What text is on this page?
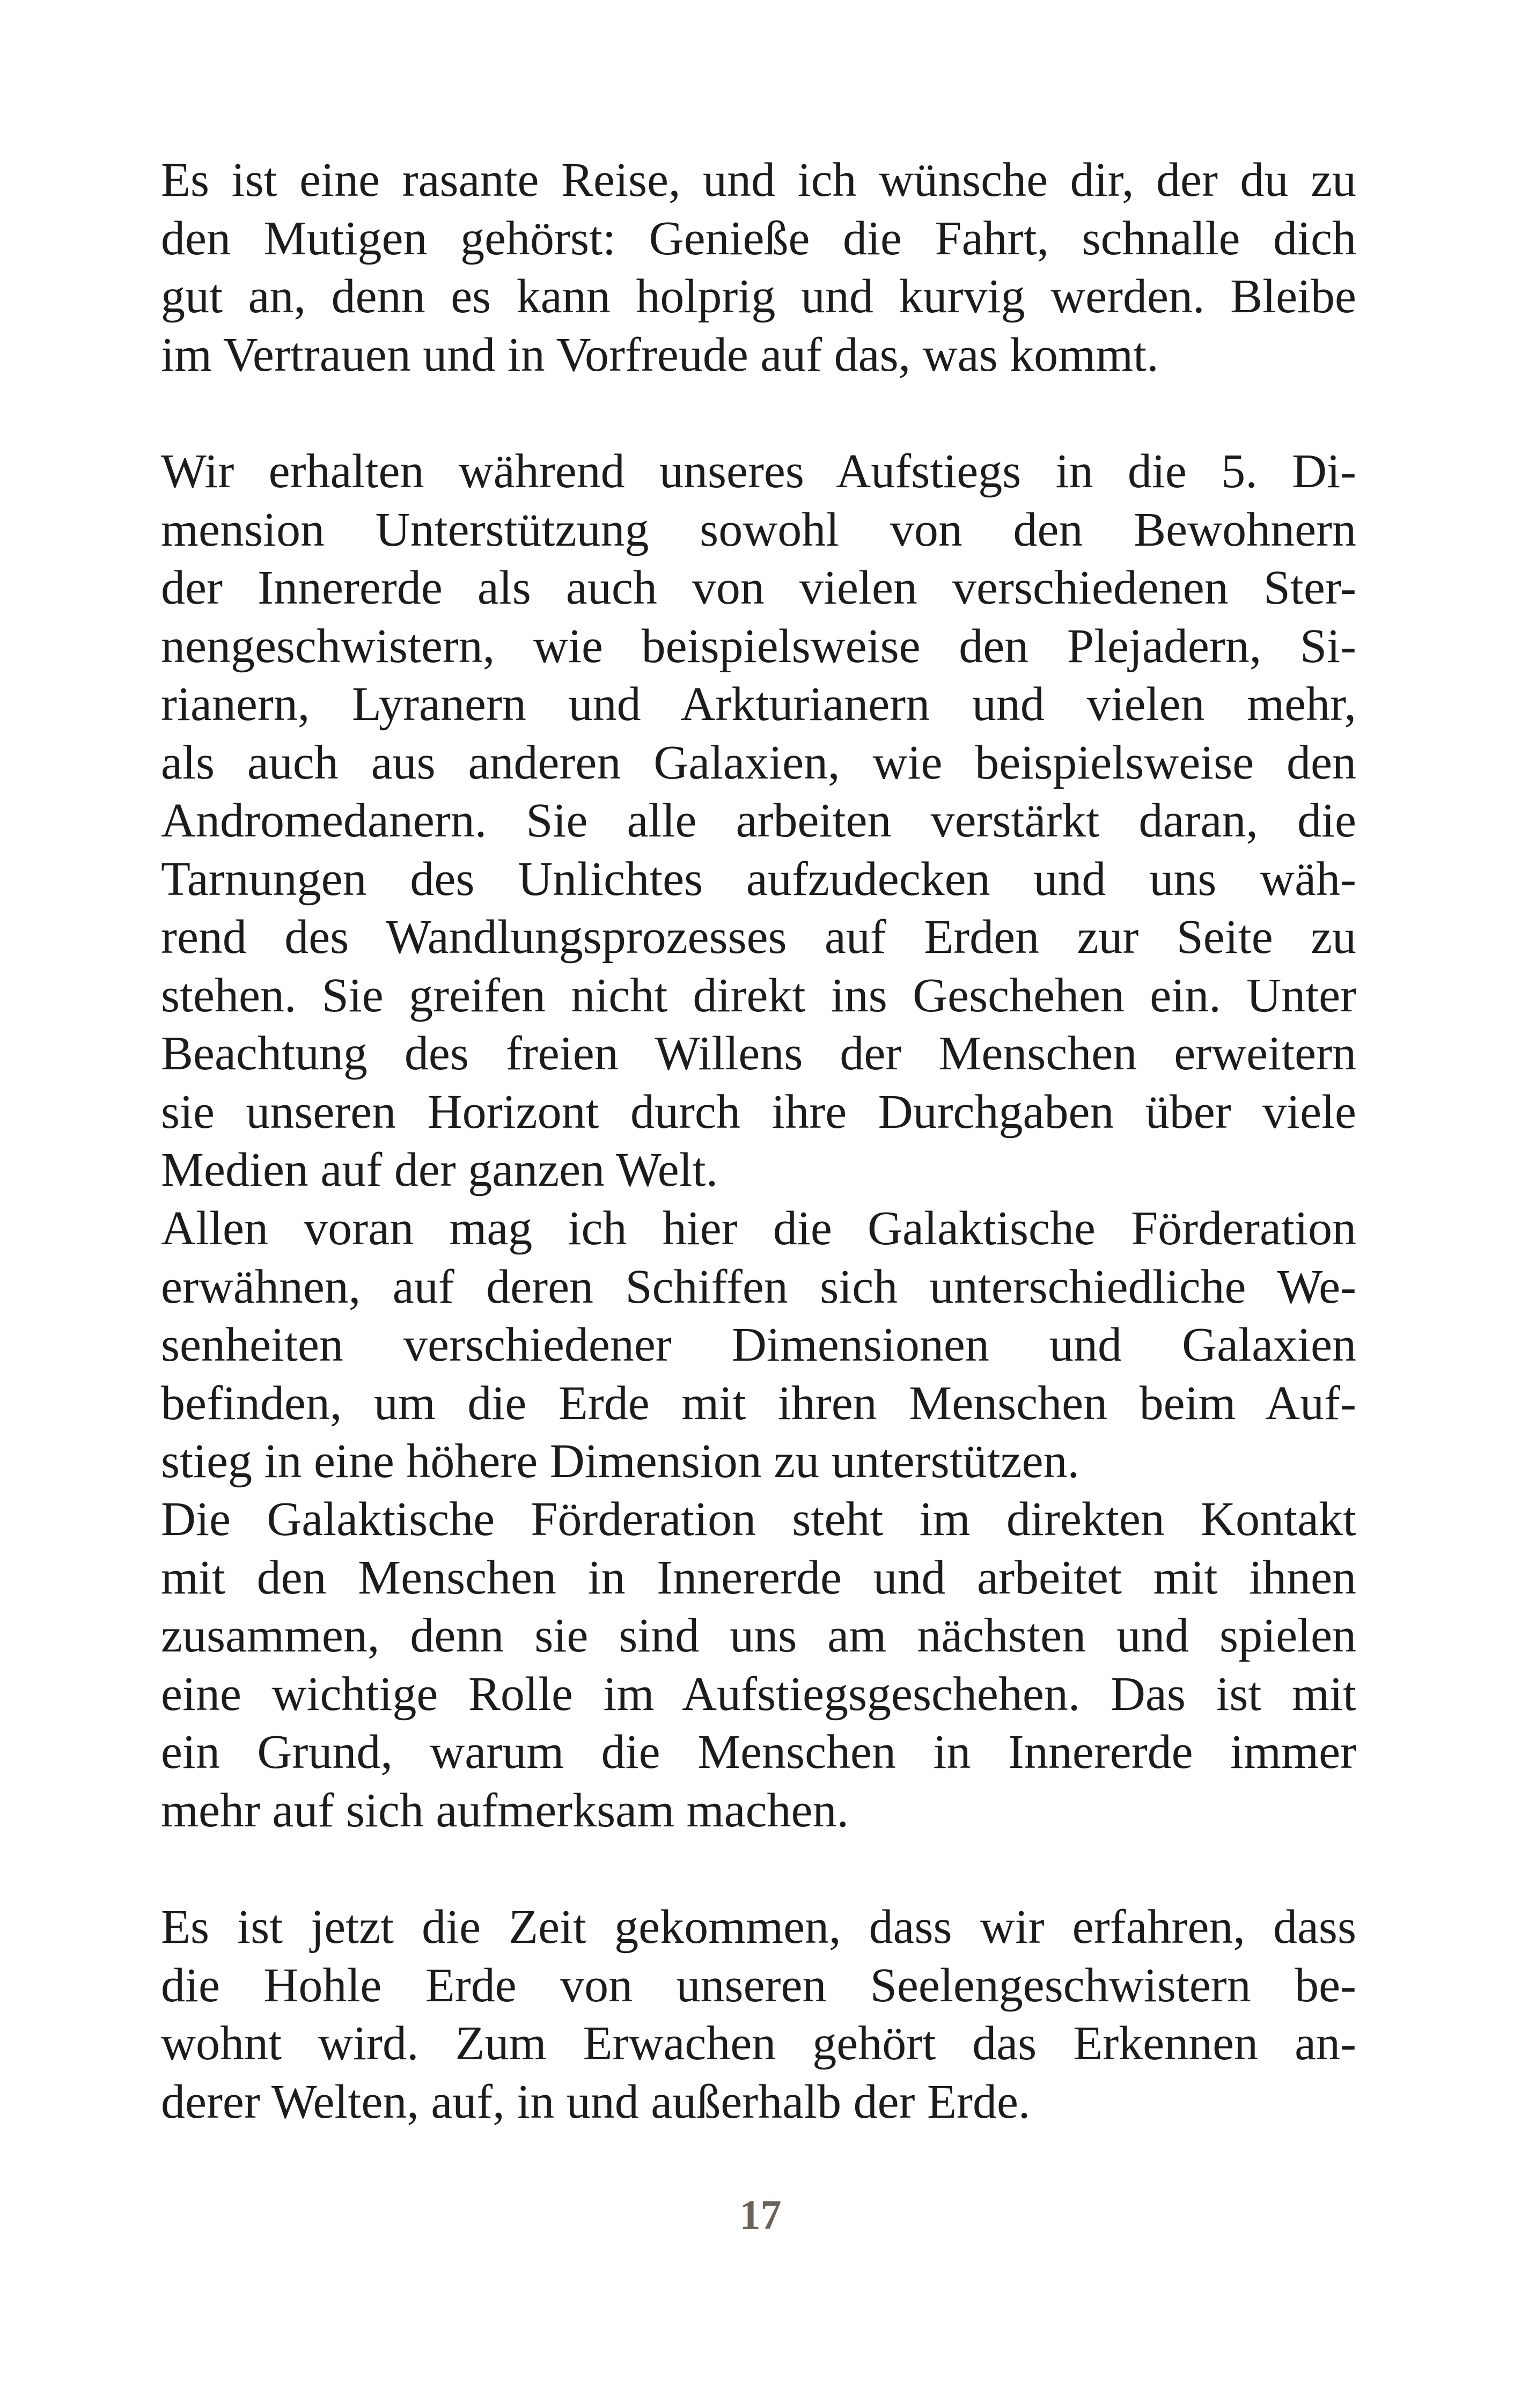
Es ist eine rasante Reise, und ich wünsche dir, der du zu
den Mutigen gehörst: Genieße die Fahrt, schnalle dich
gut an, denn es kann holprig und kurvig werden. Bleibe
im Vertrauen und in Vorfreude auf das, was kommt.
Wir erhalten während unseres Aufstiegs in die 5. Di-
mension Unterstützung sowohl von den Bewohnern
der Innererde als auch von vielen verschiedenen Ster-
nengeschwistern, wie beispielsweise den Plejadern, Si-
rianern, Lyranern und Arkturianern und vielen mehr,
als auch aus anderen Galaxien, wie beispielsweise den
Andromedanern. Sie alle arbeiten verstärkt daran, die
Tarnungen des Unlichtes aufzudecken und uns wäh-
rend des Wandlungsprozesses auf Erden zur Seite zu
stehen. Sie greifen nicht direkt ins Geschehen ein. Unter
Beachtung des freien Willens der Menschen erweitern
sie unseren Horizont durch ihre Durchgaben über viele
Medien auf der ganzen Welt.
Allen voran mag ich hier die Galaktische Förderation
erwähnen, auf deren Schiffen sich unterschiedliche We-
senheiten verschiedener Dimensionen und Galaxien
befinden, um die Erde mit ihren Menschen beim Auf-
stieg in eine höhere Dimension zu unterstützen.
Die Galaktische Förderation steht im direkten Kontakt
mit den Menschen in Innererde und arbeitet mit ihnen
zusammen, denn sie sind uns am nächsten und spielen
eine wichtige Rolle im Aufstiegsgeschehen. Das ist mit
ein Grund, warum die Menschen in Innererde immer
mehr auf sich aufmerksam machen.
Es ist jetzt die Zeit gekommen, dass wir erfahren, dass
die Hohle Erde von unseren Seelengeschwistern be-
wohnt wird. Zum Erwachen gehört das Erkennen an-
derer Welten, auf, in und außerhalb der Erde.
17
